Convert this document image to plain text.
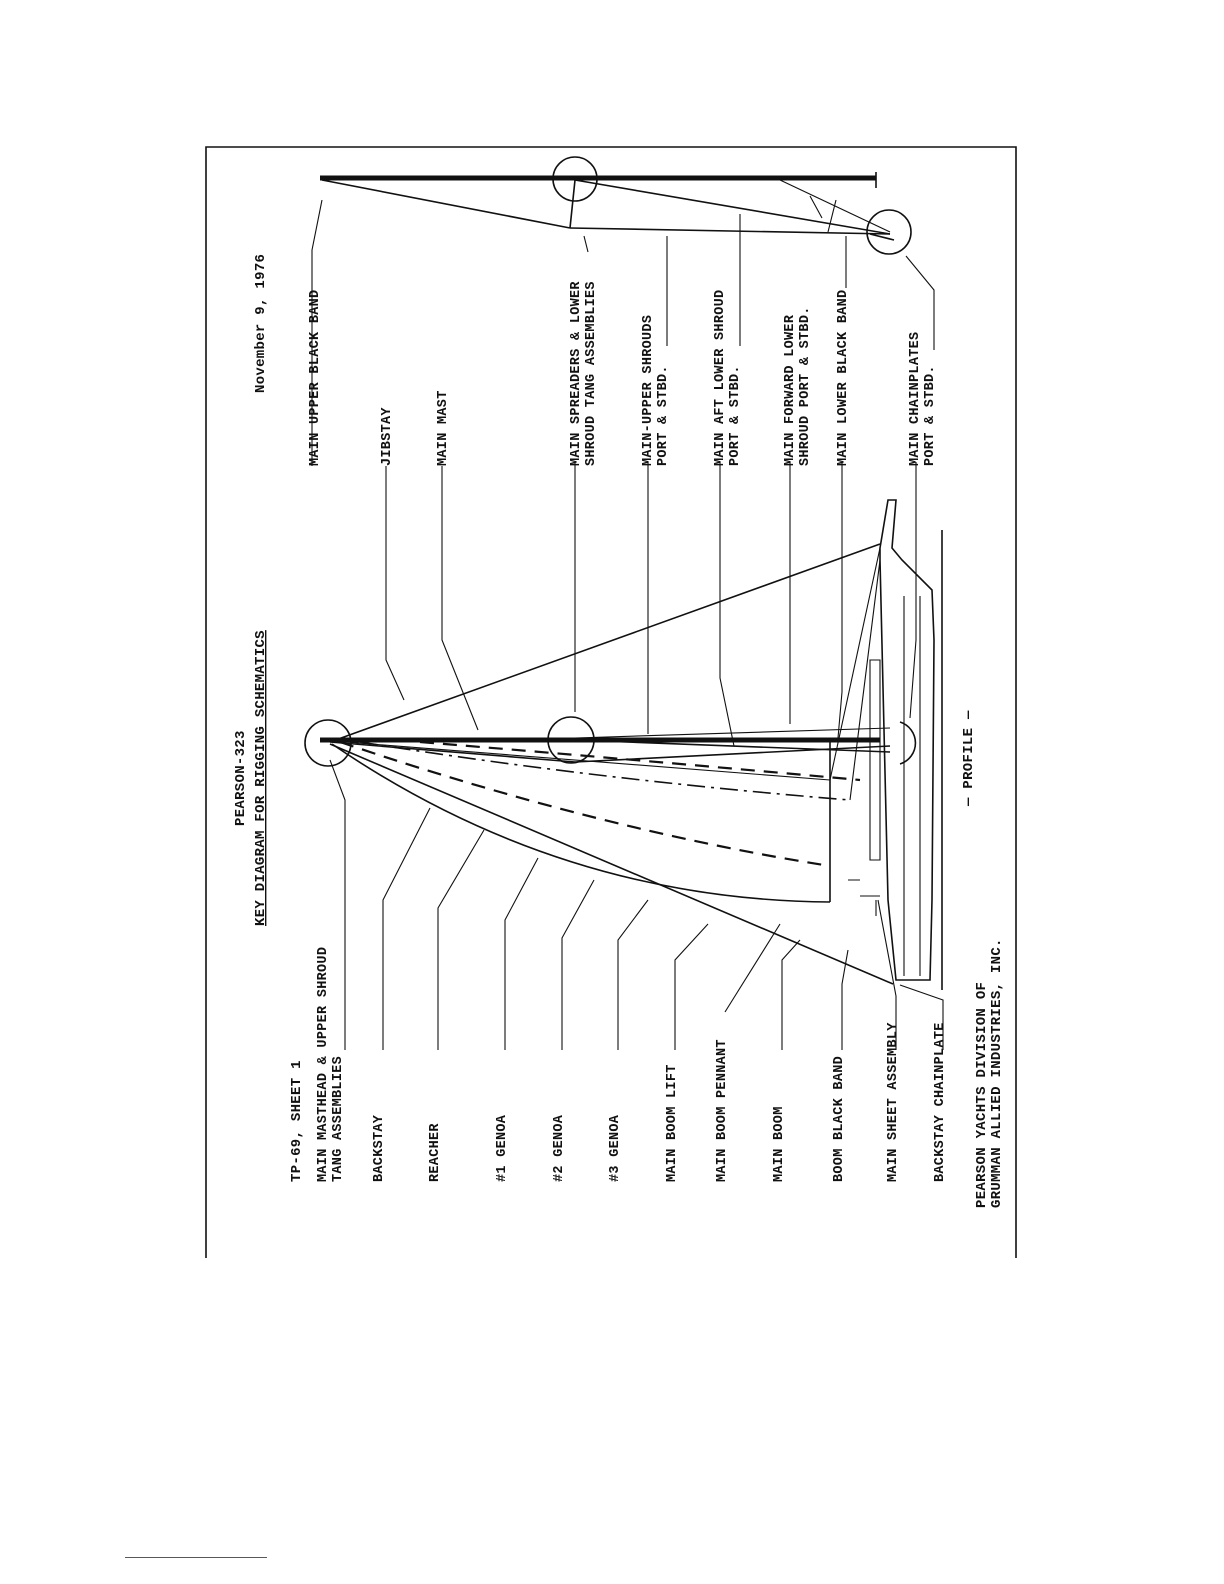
TP-69, SHEET 1
PEARSON-323 KEY DIAGRAM FOR RIGGING SCHEMATICS
November 9, 1976
MAIN MASTHEAD & UPPER SHROUD TANG ASSEMBLIES BACKSTAY	REACHER	#1 GENOA	#2 GENOA	#3 GENOA	MAIN BOOM LIFT	MAIN BOOM PENNANT	MAIN BOOM	BOOM BLACK BAND	MAIN SHEET ASSEMBLY BACKSTAY CHAINPLATE
MAIN UPPER BLACK BAND	JIBSTAY	MAIN MAST	MAIN SPREADERS & LOWER SHROUD TANG ASSEMBLIES	MAIN-UPPER SHROUDS PORT & STBD.	MAIN AFT LOWER SHROUD PORT & STBD.	MAIN FORWARD LOWER SHROUD PORT & STBD. MAIN LOWER BLACK BAND	MAIN CHAINPLATES PORT & STBD.
— PROFILE —
PEARSON YACHTS DIVISION OF GRUMMAN ALLIED INDUSTRIES, INC.
